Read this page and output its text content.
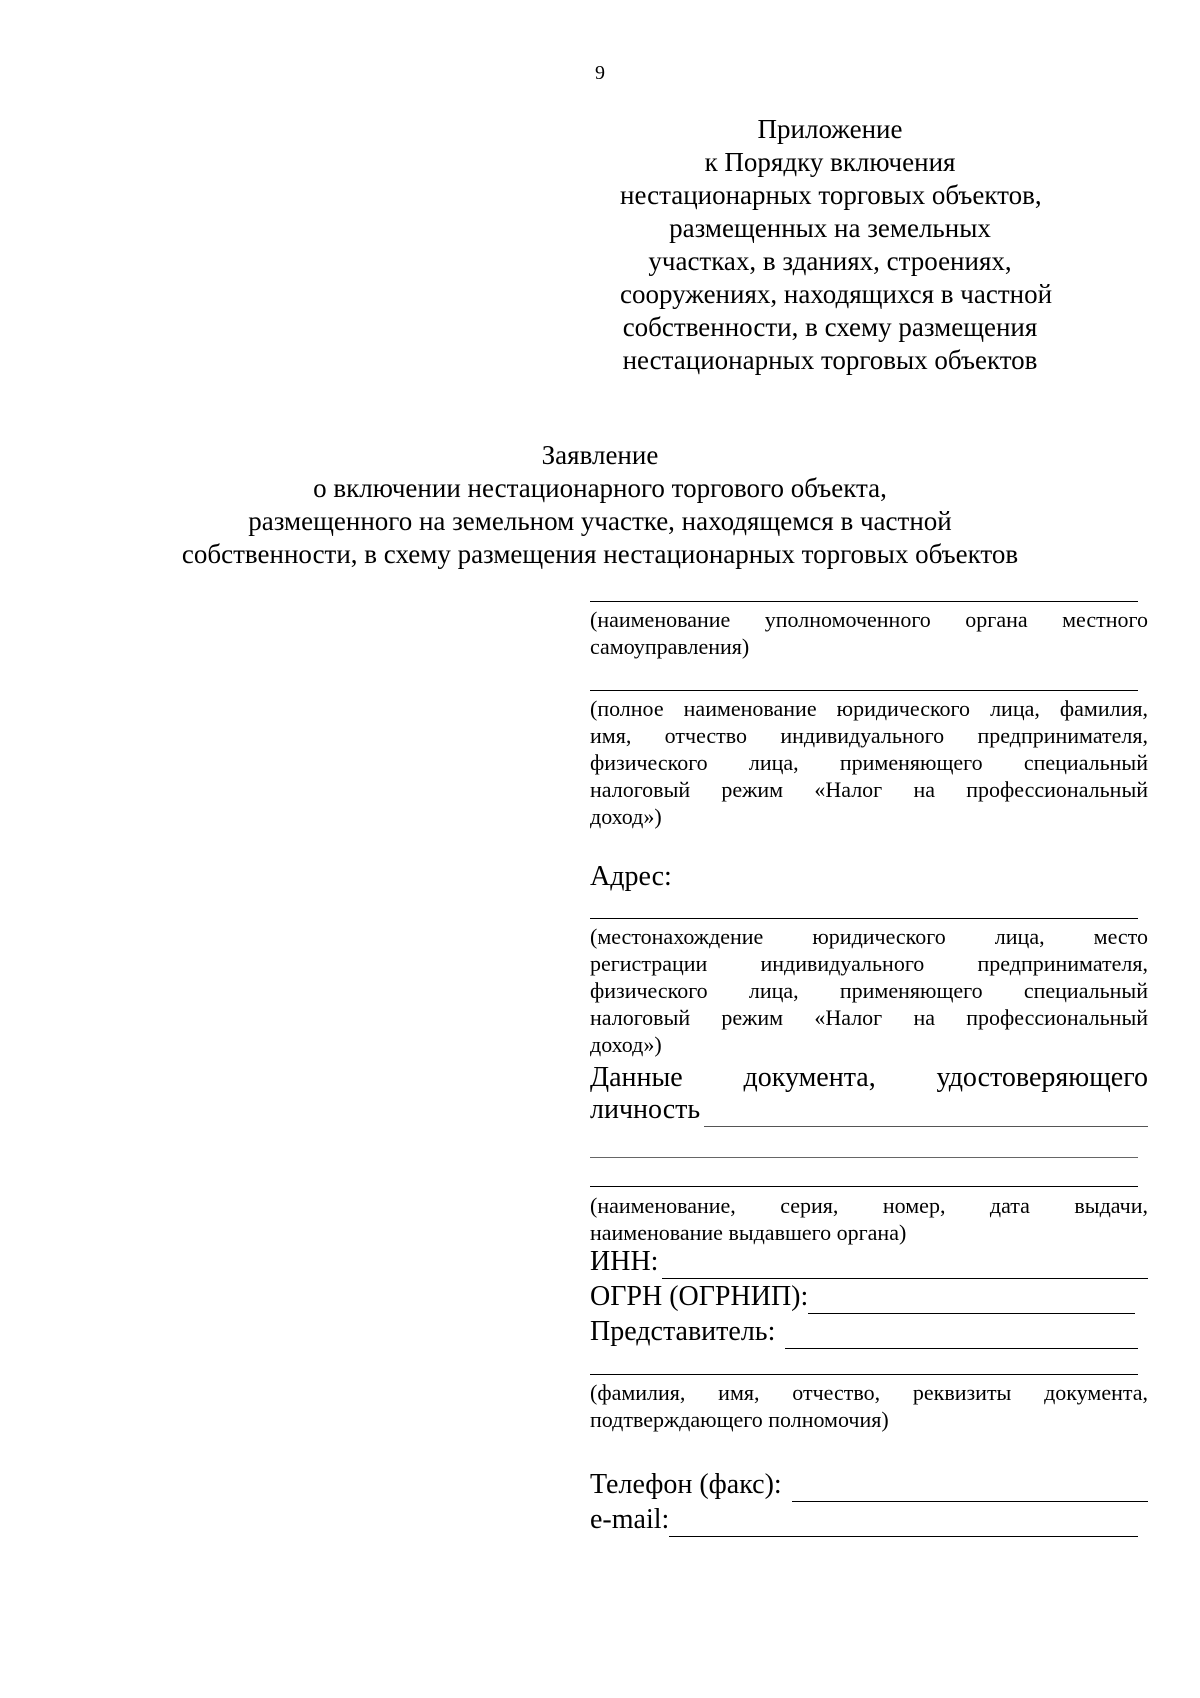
9
Приложение
к Порядку включения
нестационарных торговых объектов,
размещенных на земельных
участках, в зданиях, строениях,
сооружениях, находящихся в частной
собственности, в схему размещения
нестационарных торговых объектов
Заявление
о включении нестационарного торгового объекта,
размещенного на земельном участке, находящемся в частной
собственности, в схему размещения нестационарных торговых объектов
(наименование уполномоченного органа местного
самоуправления)
(полное наименование юридического лица, фамилия,
имя, отчество индивидуального предпринимателя,
физического лица, применяющего специальный
налоговый режим «Налог на профессиональный
доход»)
Адрес:
(местонахождение юридического лица, место
регистрации индивидуального предпринимателя,
физического лица, применяющего специальный
налоговый режим «Налог на профессиональный
доход»)
Данные документа, удостоверяющего
личность
(наименование, серия, номер, дата выдачи,
наименование выдавшего органа)
ИНН:
ОГРН (ОГРНИП):
Представитель:
(фамилия, имя, отчество, реквизиты документа,
подтверждающего полномочия)
Телефон (факс):
e-mail:
